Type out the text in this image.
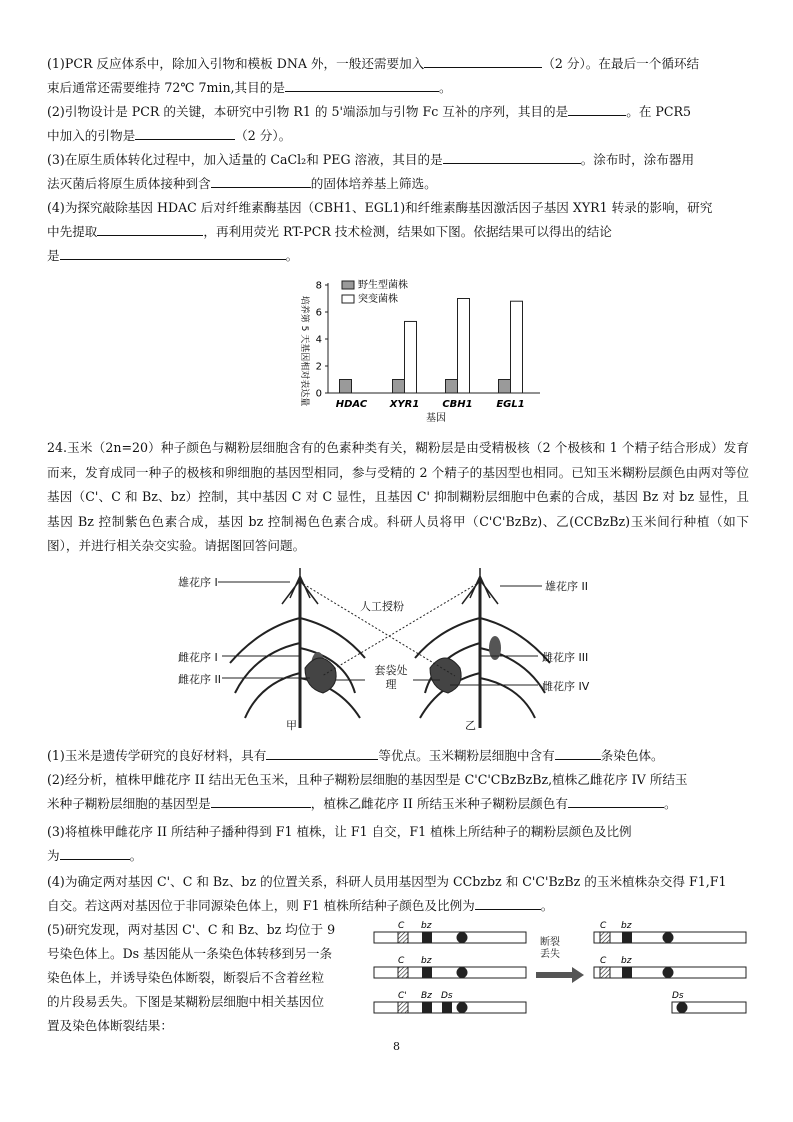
(1)PCR 反应体系中，除加入引物和模板 DNA 外，一般还需要加入	（2 分）。在最后一个循环结
束后通常还需要维持 72℃ 7min,其目的是	。
(2)引物设计是 PCR 的关键，本研究中引物 R1 的 5'端添加与引物 Fc 互补的序列，其目的是	。在 PCR5
中加入的引物是	（2 分）。
(3)在原生质体转化过程中，加入适量的 CaCl₂和 PEG 溶液，其目的是	。涂布时，涂布器用
法灭菌后将原生质体接种到含	的固体培养基上筛选。
(4)为探究敲除基因 HDAC 后对纤维素酶基因（CBH1、EGL1)和纤维素酶基因激活因子基因 XYR1 转录的影响，研究
中先提取	，再利用荧光 RT-PCR 技术检测，结果如下图。依据结果可以得出的结论
是	。
培养第 5 天基因相对表达量 0
2
4
6
8
HDAC XYR1 CBH1 EGL1
野生型菌株
突变菌株
基因
24.玉米（2n=20）种子颜色与糊粉层细胞含有的色素种类有关，糊粉层是由受精极核（2 个极核和 1 个精子结合形成）发育而来，发育成同一种子的极核和卵细胞的基因型相同，参与受精的 2 个精子的基因型也相同。已知玉米糊粉层颜色由两对等位基因（C'、C 和 Bz、bz）控制，其中基因 C 对 C 显性，且基因 C' 抑制糊粉层细胞中色素的合成，基因 Bz 对 bz 显性，且基因 Bz 控制紫色色素合成，基因 bz 控制褐色色素合成。科研人员将甲（C'C'BzBz)、乙(CCBzBz)玉米间行种植（如下图），并进行相关杂交实验。请据图回答问题。
雄花序 I	雄花序 II
人工授粉
雌花序 I
雌花序 II
雌花序 III
雌花序 IV
套袋处理
甲	乙
(1)玉米是遗传学研究的良好材料，具有	等优点。玉米糊粉层细胞中含有	条染色体。
(2)经分析，植株甲雌花序 II 结出无色玉米，且种子糊粉层细胞的基因型是 C'C'CBzBzBz,植株乙雌花序 IV 所结玉
米种子糊粉层细胞的基因型是	，植株乙雌花序 II 所结玉米种子糊粉层颜色有	。
(3)将植株甲雌花序 II 所结种子播种得到 F1 植株，让 F1 自交，F1 植株上所结种子的糊粉层颜色及比例
为	。
(4)为确定两对基因 C'、C 和 Bz、bz 的位置关系，科研人员用基因型为 CCbzbz 和 C'C'BzBz 的玉米植株杂交得 F1,F1
自交。若这两对基因位于非同源染色体上，则 F1 植株所结种子颜色及比例为	。
(5)研究发现，两对基因 C'、C 和 Bz、bz 均位于 9
号染色体上。Ds 基因能从一条染色体转移到另一条
染色体上，并诱导染色体断裂，断裂后不含着丝粒
的片段易丢失。下图是某糊粉层细胞中相关基因位
置及染色体断裂结果：
C bz
C bz
C' Bz Ds
C bz
C bz
Ds
断裂丢失
8
